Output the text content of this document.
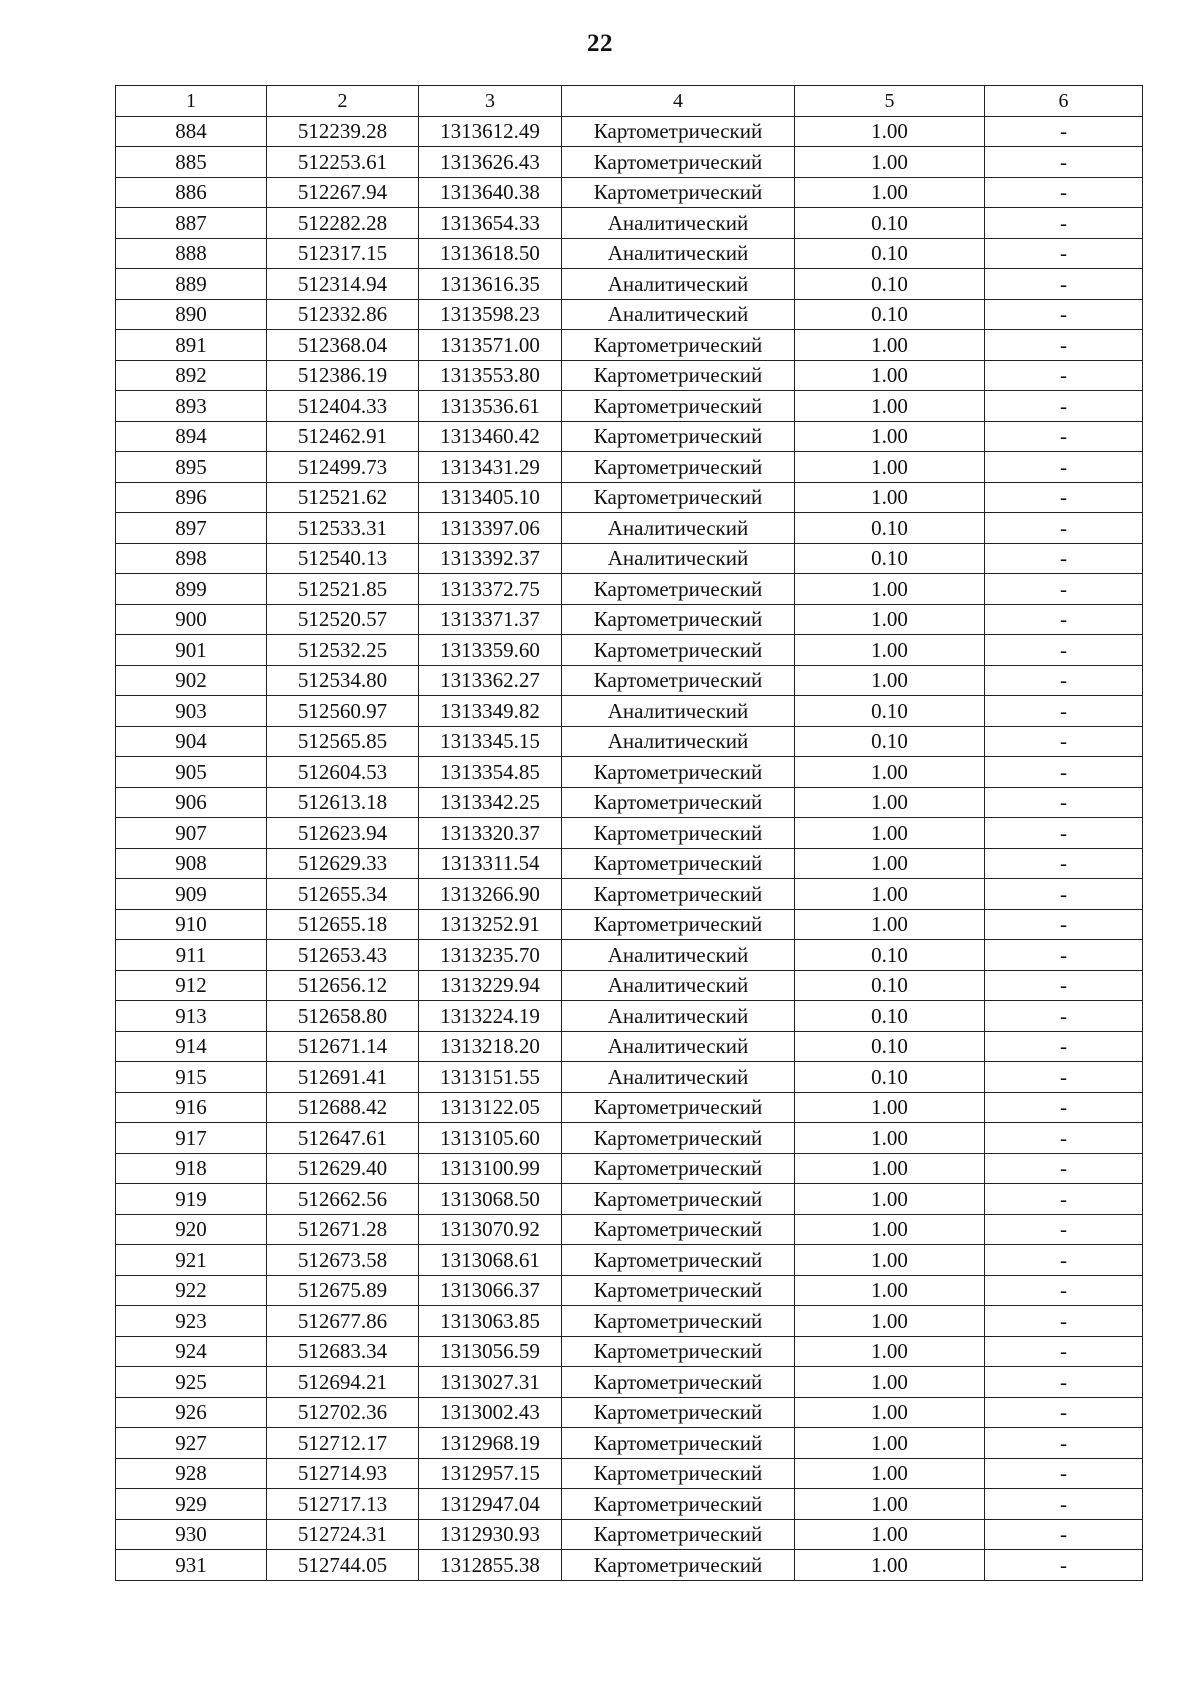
22
1	2	3	4	5	6
884	512239.28	1313612.49	Картометрический	1.00	-
885	512253.61	1313626.43	Картометрический	1.00	-
886	512267.94	1313640.38	Картометрический	1.00	-
887	512282.28	1313654.33	Аналитический	0.10	-
888	512317.15	1313618.50	Аналитический	0.10	-
889	512314.94	1313616.35	Аналитический	0.10	-
890	512332.86	1313598.23	Аналитический	0.10	-
891	512368.04	1313571.00	Картометрический	1.00	-
892	512386.19	1313553.80	Картометрический	1.00	-
893	512404.33	1313536.61	Картометрический	1.00	-
894	512462.91	1313460.42	Картометрический	1.00	-
895	512499.73	1313431.29	Картометрический	1.00	-
896	512521.62	1313405.10	Картометрический	1.00	-
897	512533.31	1313397.06	Аналитический	0.10	-
898	512540.13	1313392.37	Аналитический	0.10	-
899	512521.85	1313372.75	Картометрический	1.00	-
900	512520.57	1313371.37	Картометрический	1.00	-
901	512532.25	1313359.60	Картометрический	1.00	-
902	512534.80	1313362.27	Картометрический	1.00	-
903	512560.97	1313349.82	Аналитический	0.10	-
904	512565.85	1313345.15	Аналитический	0.10	-
905	512604.53	1313354.85	Картометрический	1.00	-
906	512613.18	1313342.25	Картометрический	1.00	-
907	512623.94	1313320.37	Картометрический	1.00	-
908	512629.33	1313311.54	Картометрический	1.00	-
909	512655.34	1313266.90	Картометрический	1.00	-
910	512655.18	1313252.91	Картометрический	1.00	-
911	512653.43	1313235.70	Аналитический	0.10	-
912	512656.12	1313229.94	Аналитический	0.10	-
913	512658.80	1313224.19	Аналитический	0.10	-
914	512671.14	1313218.20	Аналитический	0.10	-
915	512691.41	1313151.55	Аналитический	0.10	-
916	512688.42	1313122.05	Картометрический	1.00	-
917	512647.61	1313105.60	Картометрический	1.00	-
918	512629.40	1313100.99	Картометрический	1.00	-
919	512662.56	1313068.50	Картометрический	1.00	-
920	512671.28	1313070.92	Картометрический	1.00	-
921	512673.58	1313068.61	Картометрический	1.00	-
922	512675.89	1313066.37	Картометрический	1.00	-
923	512677.86	1313063.85	Картометрический	1.00	-
924	512683.34	1313056.59	Картометрический	1.00	-
925	512694.21	1313027.31	Картометрический	1.00	-
926	512702.36	1313002.43	Картометрический	1.00	-
927	512712.17	1312968.19	Картометрический	1.00	-
928	512714.93	1312957.15	Картометрический	1.00	-
929	512717.13	1312947.04	Картометрический	1.00	-
930	512724.31	1312930.93	Картометрический	1.00	-
931	512744.05	1312855.38	Картометрический	1.00	-
